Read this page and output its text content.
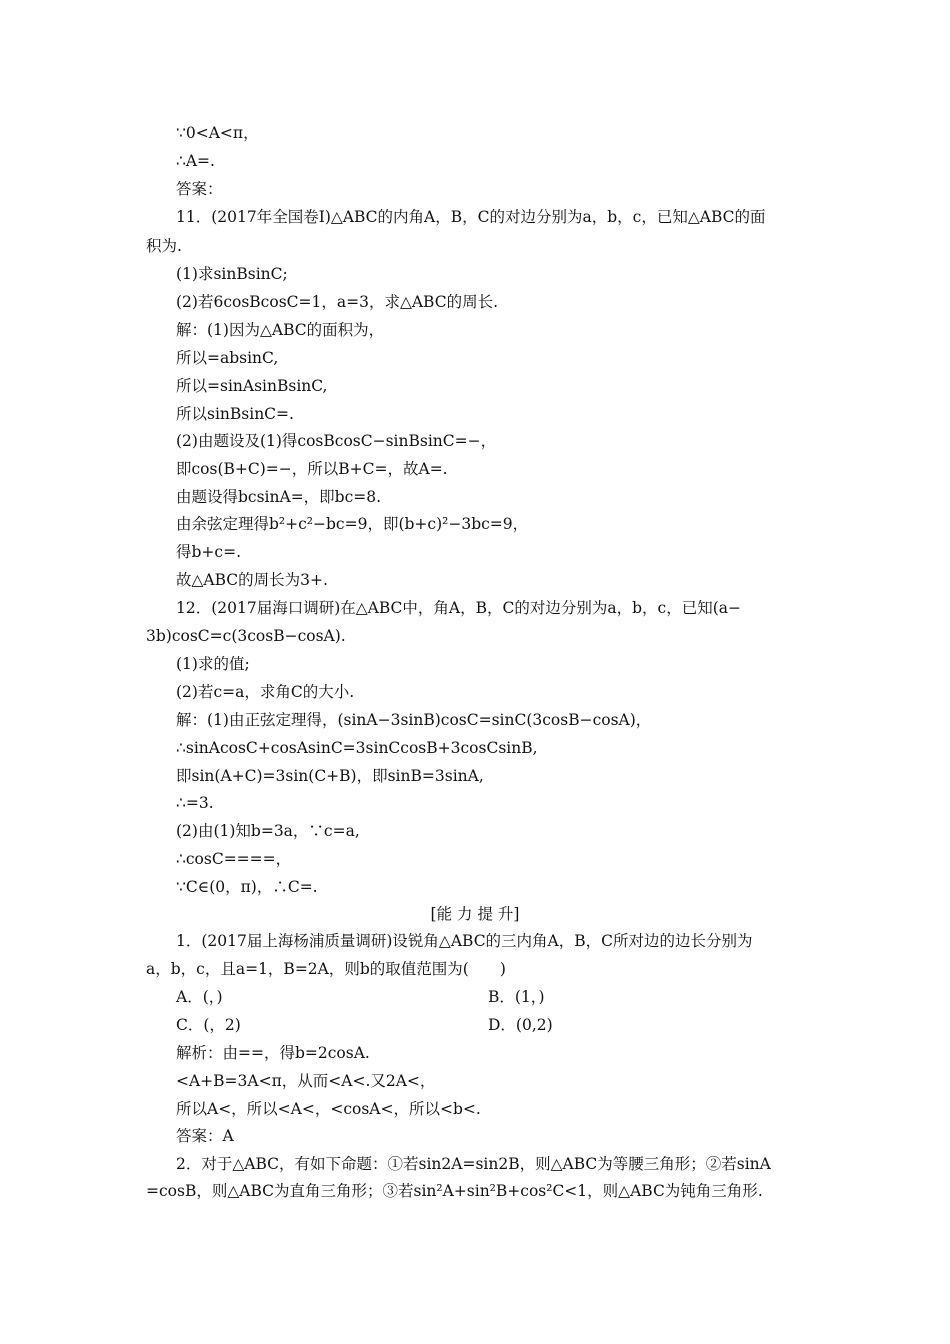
∵0<A<π，
∴A=.
答案：
11．(2017年全国卷Ⅰ)△ABC的内角A，B，C的对边分别为a，b，c，已知△ABC的面
积为.
(1)求sinBsinC;
(2)若6cosBcosC=1，a=3，求△ABC的周长.
解：(1)因为△ABC的面积为，
所以=absinC,
所以=sinAsinBsinC,
所以sinBsinC=.
(2)由题设及(1)得cosBcosC−sinBsinC=−，
即cos(B+C)=−，所以B+C=，故A=.
由题设得bcsinA=，即bc=8.
由余弦定理得b²+c²−bc=9，即(b+c)²−3bc=9，
得b+c=.
故△ABC的周长为3+.
12．(2017届海口调研)在△ABC中，角A，B，C的对边分别为a，b，c，已知(a−
3b)cosC=c(3cosB−cosA).
(1)求的值;
(2)若c=a，求角C的大小.
解：(1)由正弦定理得，(sinA−3sinB)cosC=sinC(3cosB−cosA)，
∴sinAcosC+cosAsinC=3sinCcosB+3cosCsinB,
即sin(A+C)=3sin(C+B)，即sinB=3sinA,
∴=3.
(2)由(1)知b=3a，∵c=a,
∴cosC====，
∵C∈(0，π)，∴C=.
[能 力 提 升]
1．(2017届上海杨浦质量调研)设锐角△ABC的三内角A，B，C所对边的边长分别为
a，b，c，且a=1，B=2A，则b的取值范围为(　　)
A．(，)	B．(1，)
C．(，2)	D．(0,2)
解析：由==，得b=2cosA.
<A+B=3A<π，从而<A<.又2A<，
所以A<，所以<A<，<cosA<，所以<b<.
答案：A
2．对于△ABC，有如下命题：①若sin2A=sin2B，则△ABC为等腰三角形；②若sinA
=cosB，则△ABC为直角三角形；③若sin²A+sin²B+cos²C<1，则△ABC为钝角三角形.
